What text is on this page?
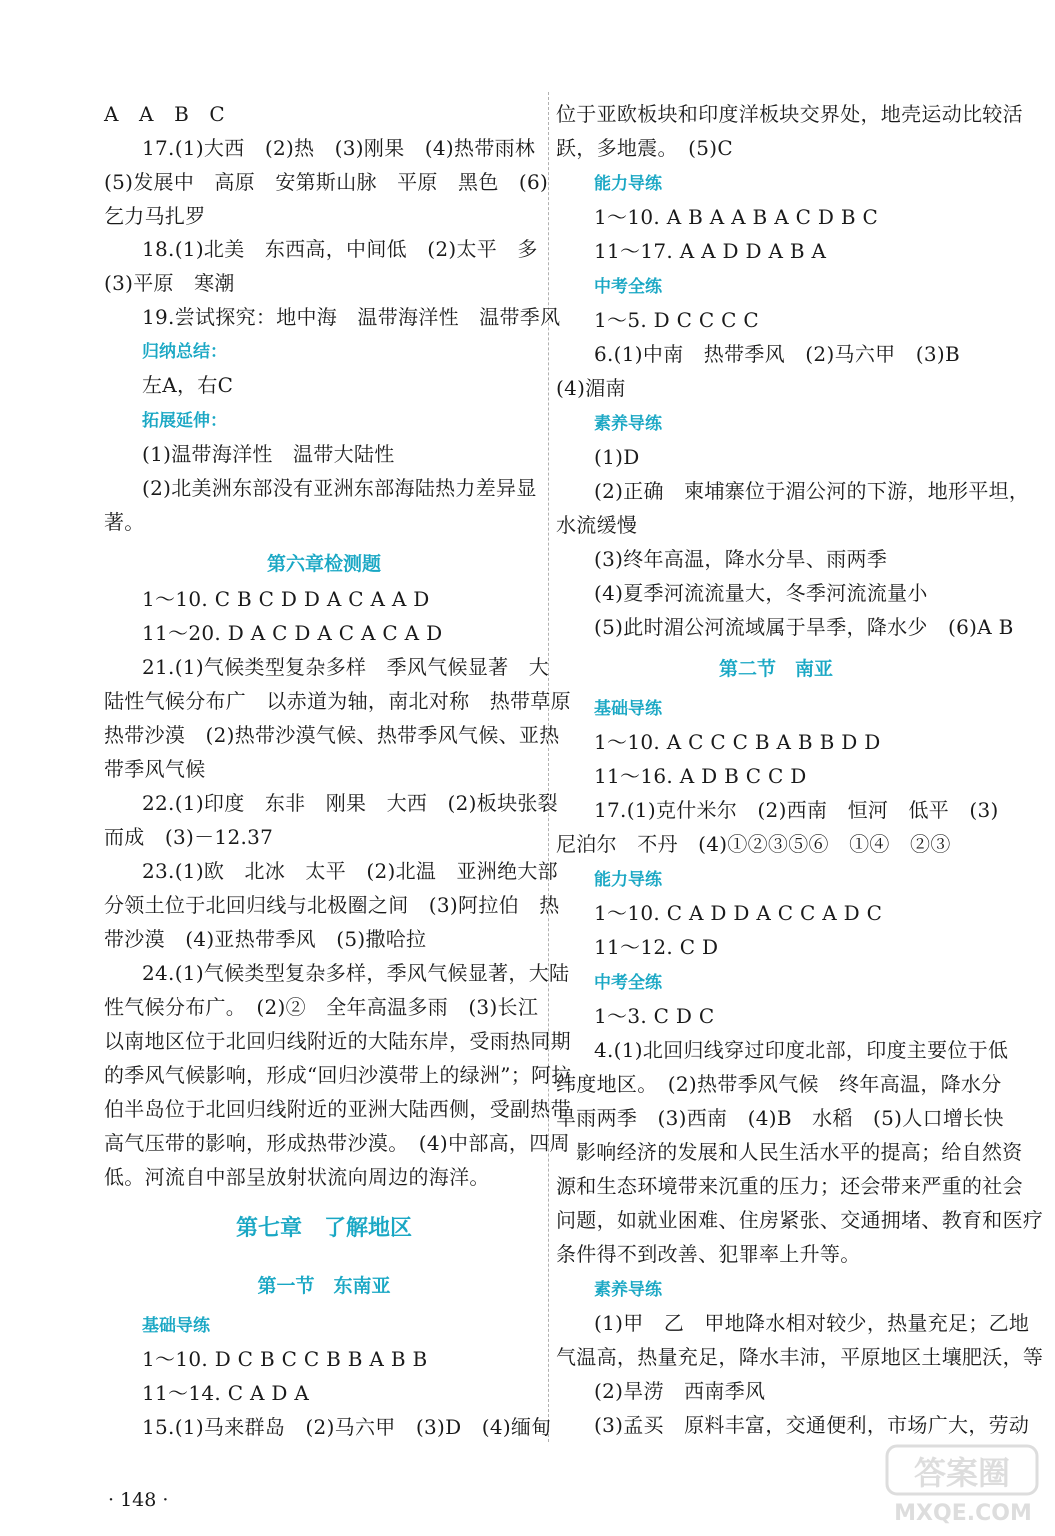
A　A　B　C
17.(1)大西　(2)热　(3)刚果　(4)热带雨林
(5)发展中　高原　安第斯山脉　平原　黑色　(6)
乞力马扎罗
18.(1)北美　东西高，中间低　(2)太平　多
(3)平原　寒潮
19.尝试探究：地中海　温带海洋性　温带季风
归纳总结：
左A，右C
拓展延伸：
(1)温带海洋性　温带大陆性
(2)北美洲东部没有亚洲东部海陆热力差异显
著。
第六章检测题
1～10. C B C D D A C A A D
11～20. D A C D A C A C A D
21.(1)气候类型复杂多样　季风气候显著　大
陆性气候分布广　以赤道为轴，南北对称　热带草原
热带沙漠　(2)热带沙漠气候、热带季风气候、亚热
带季风气候
22.(1)印度　东非　刚果　大西　(2)板块张裂
而成　(3)－12.37
23.(1)欧　北冰　太平　(2)北温　亚洲绝大部
分领土位于北回归线与北极圈之间　(3)阿拉伯　热
带沙漠　(4)亚热带季风　(5)撒哈拉
24.(1)气候类型复杂多样，季风气候显著，大陆
性气候分布广。　(2)②　全年高温多雨　(3)长江
以南地区位于北回归线附近的大陆东岸，受雨热同期
的季风气候影响，形成“回归沙漠带上的绿洲”；阿拉
伯半岛位于北回归线附近的亚洲大陆西侧，受副热带
高气压带的影响，形成热带沙漠。　(4)中部高，四周
低。河流自中部呈放射状流向周边的海洋。
第七章　了解地区
第一节　东南亚
基础导练
1～10. D C B C C B B A B B
11～14. C A D A
15.(1)马来群岛　(2)马六甲　(3)D　(4)缅甸
位于亚欧板块和印度洋板块交界处，地壳运动比较活
跃，多地震。　(5)C
能力导练
1～10. A B A A B A C D B C
11～17. A A D D A B A
中考全练
1～5. D C C C C
6.(1)中南　热带季风　(2)马六甲　(3)B
(4)湄南
素养导练
(1)D
(2)正确　柬埔寨位于湄公河的下游，地形平坦，
水流缓慢
(3)终年高温，降水分旱、雨两季
(4)夏季河流流量大，冬季河流流量小
(5)此时湄公河流域属于旱季，降水少　(6)A B
第二节　南亚
基础导练
1～10. A C C C B A B B D D
11～16. A D B C C D
17.(1)克什米尔　(2)西南　恒河　低平　(3)
尼泊尔　不丹　(4)①②③⑤⑥　①④　②③
能力导练
1～10. C A D D A C C A D C
11～12. C D
中考全练
1～3. C D C
4.(1)北回归线穿过印度北部，印度主要位于低
纬度地区。　(2)热带季风气候　终年高温，降水分
旱雨两季　(3)西南　(4)B　水稻　(5)人口增长快
影响经济的发展和人民生活水平的提高；给自然资
源和生态环境带来沉重的压力；还会带来严重的社会
问题，如就业困难、住房紧张、交通拥堵、教育和医疗
条件得不到改善、犯罪率上升等。
素养导练
(1)甲　乙　甲地降水相对较少，热量充足；乙地
气温高，热量充足，降水丰沛，平原地区土壤肥沃，等
(2)旱涝　西南季风
(3)孟买　原料丰富，交通便利，市场广大，劳动
· 148 ·
答案圈
MXQE.COM
